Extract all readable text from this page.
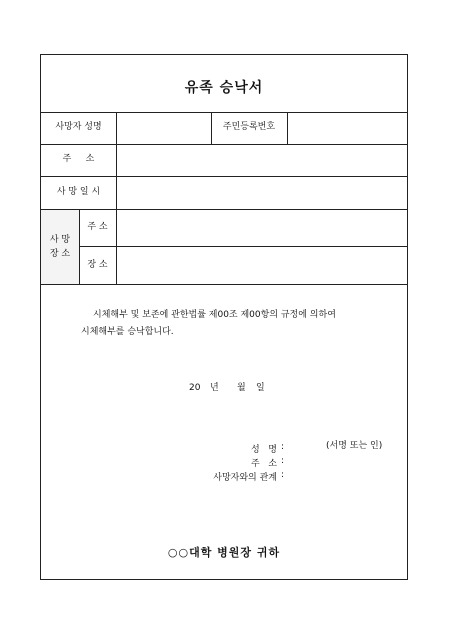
유족 승낙서
사망자 성명	주민등록번호
주     소
사 망 일 시
사 망
장 소
주 소
장 소
시체해부 및 보존에 관한법률 제00조 제00항의 규정에 의하여
시체해부를 승낙합니다.
20 년 월 일
성   명 :	(서명 또는 인)
주   소 :
사망자와의 관계 :
○○대학 병원장 귀하
